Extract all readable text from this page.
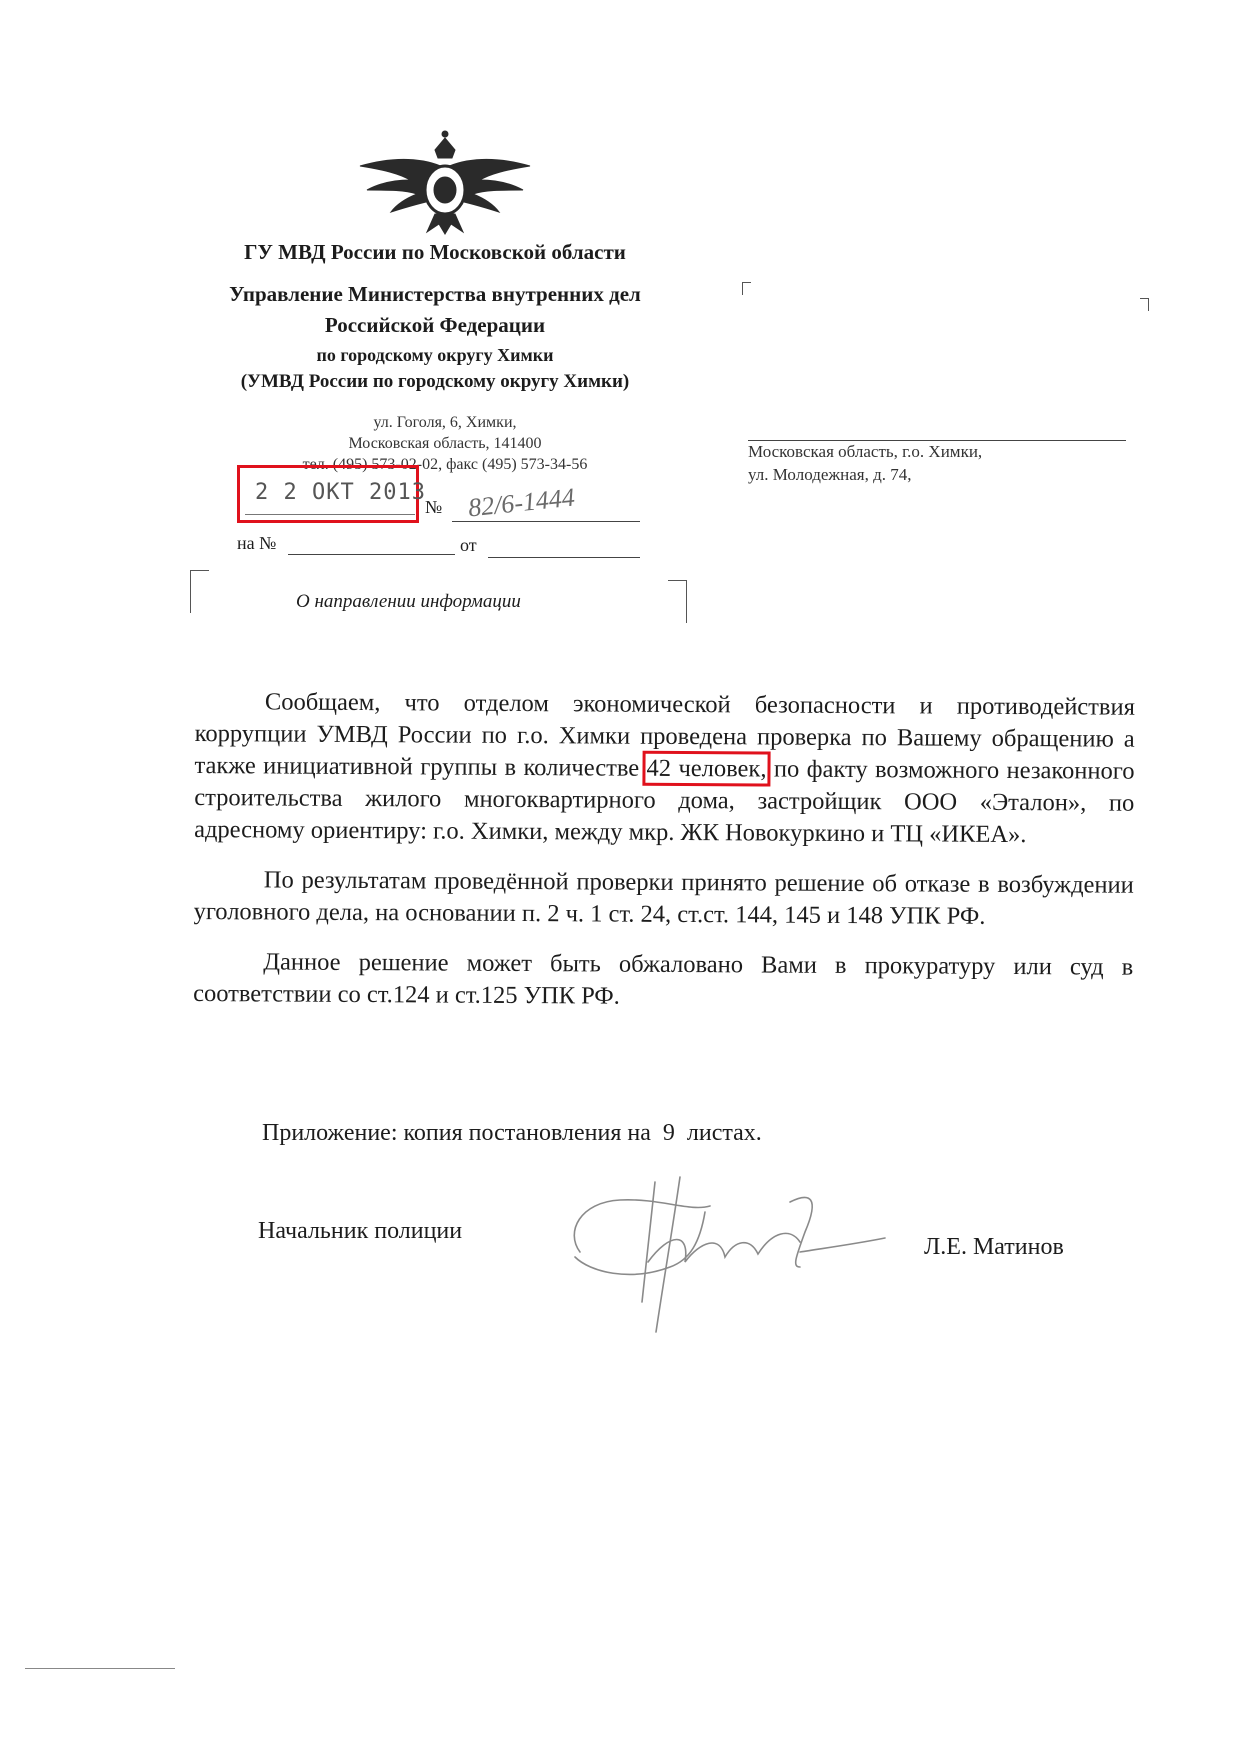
ГУ МВД России по Московской области
Управление Министерства внутренних дел
Российской Федерации
по городскому округу Химки
(УМВД России по городскому округу Химки)
ул. Гоголя, 6, Химки,
Московская область, 141400
тел. (495) 573-02-02, факс (495) 573-34-56
2 2 ОКТ 2013
№ 82/6-1444
на №	от
О направлении информации
Московская область, г.о. Химки,
ул. Молодежная, д. 74,

Сообщаем, что отделом экономической безопасности и противодействия коррупции УМВД России по г.о. Химки проведена проверка по Вашему обращению а также инициативной группы в количестве 42 человек, по факту возможного незаконного строительства жилого многоквартирного дома, застройщик ООО «Эталон», по адресному ориентиру: г.о. Химки, между мкр. ЖК Новокуркино и ТЦ «ИКЕА».

По результатам проведённой проверки принято решение об отказе в возбуждении уголовного дела, на основании п. 2 ч. 1 ст. 24, ст.ст. 144, 145 и 148 УПК РФ.

Данное решение может быть обжаловано Вами в прокуратуру или суд в соответствии со ст.124 и ст.125 УПК РФ.

Приложение: копия постановления на  9  листах.
Начальник полиции
Л.Е. Матинов
